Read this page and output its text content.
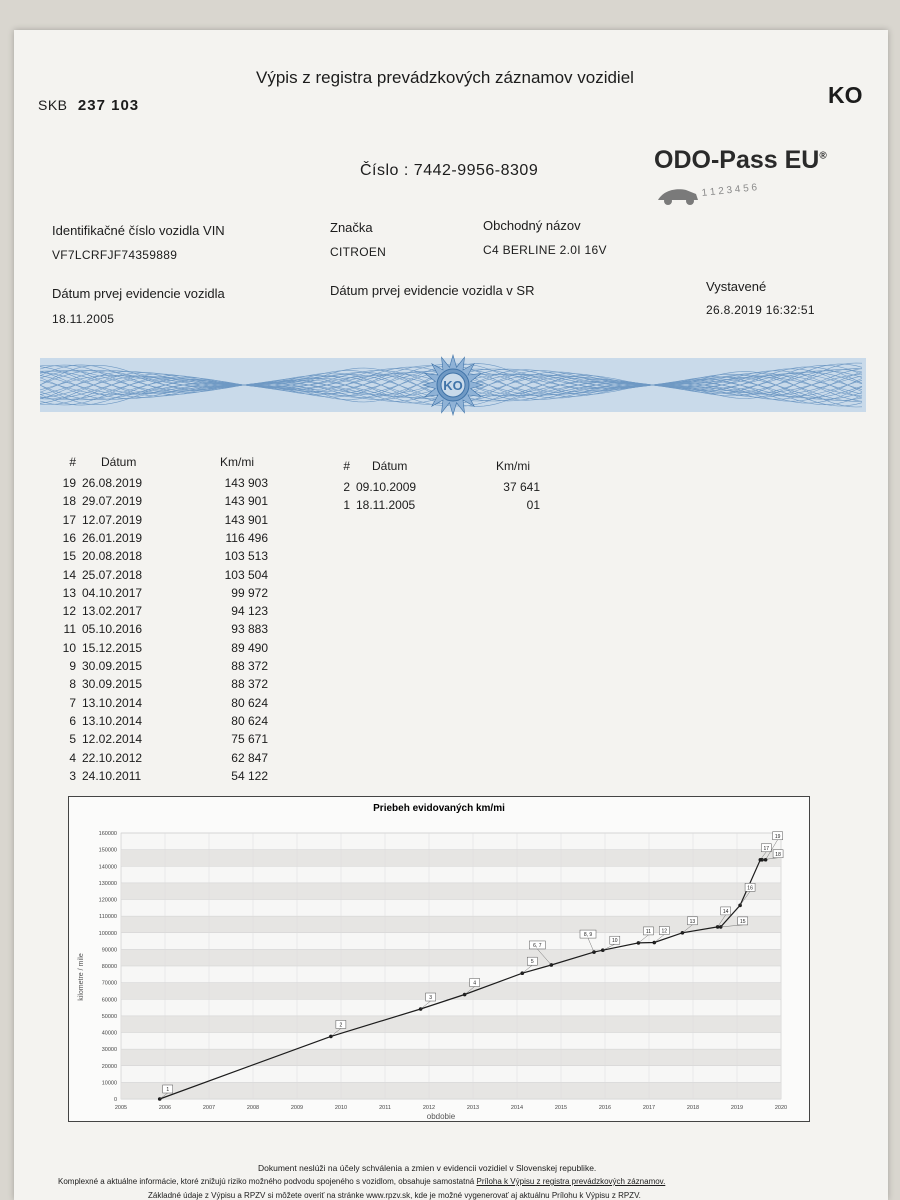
Výpis z registra prevádzkových záznamov vozidiel
SKB 237 103	KO
Číslo : 7442-9956-8309	ODO-Pass EU®
1 1 2 3 4 5 6
Identifikačné číslo vozidla VIN
VF7LCRFJF74359889
Značka
CITROEN
Obchodný názov
C4 BERLINE 2.0I 16V
Dátum prvej evidencie vozidla
18.11.2005
Dátum prvej evidencie vozidla v SR	Vystavené
26.8.2019 16:32:51
KO
# Dátum	Km/mi
19 26.08.2019	143 903
18 29.07.2019	143 901
17 12.07.2019	143 901
16 26.01.2019	116 496
15 20.08.2018	103 513
14 25.07.2018	103 504
13 04.10.2017	99 972
12 13.02.2017	94 123
11 05.10.2016	93 883
10 15.12.2015	89 490
9 30.09.2015	88 372
8 30.09.2015	88 372
7 13.10.2014	80 624
6 13.10.2014	80 624
5 12.02.2014	75 671
4 22.10.2012	62 847
3 24.10.2011	54 122
# Dátum	Km/mi
2 09.10.2009	37 641
1 18.11.2005	01
Priebeh evidovaných km/mi
obdobie
kilometre / míle
0
10000
20000
30000
40000
50000
60000
70000
80000
90000
100000
110000
120000
130000
140000
150000
160000
2005	2006	2007	2008	2009	2010	2011	2012	2013	2014	2015	2016	2017	2018	2019	2020
1
2
3
4
5
6, 7
8, 9
10
11 12
13
14
15
16
17
18
19
Dokument neslúži na účely schválenia a zmien v evidencii vozidiel v Slovenskej republike.
Komplexné a aktuálne informácie, ktoré znižujú riziko možného podvodu spojeného s vozidlom, obsahuje samostatná Príloha k Výpisu z registra prevádzkových záznamov.
Základné údaje z Výpisu a RPZV si môžete overiť na stránke www.rpzv.sk, kde je možné vygenerovať aj aktuálnu Prílohu k Výpisu z RPZV.
